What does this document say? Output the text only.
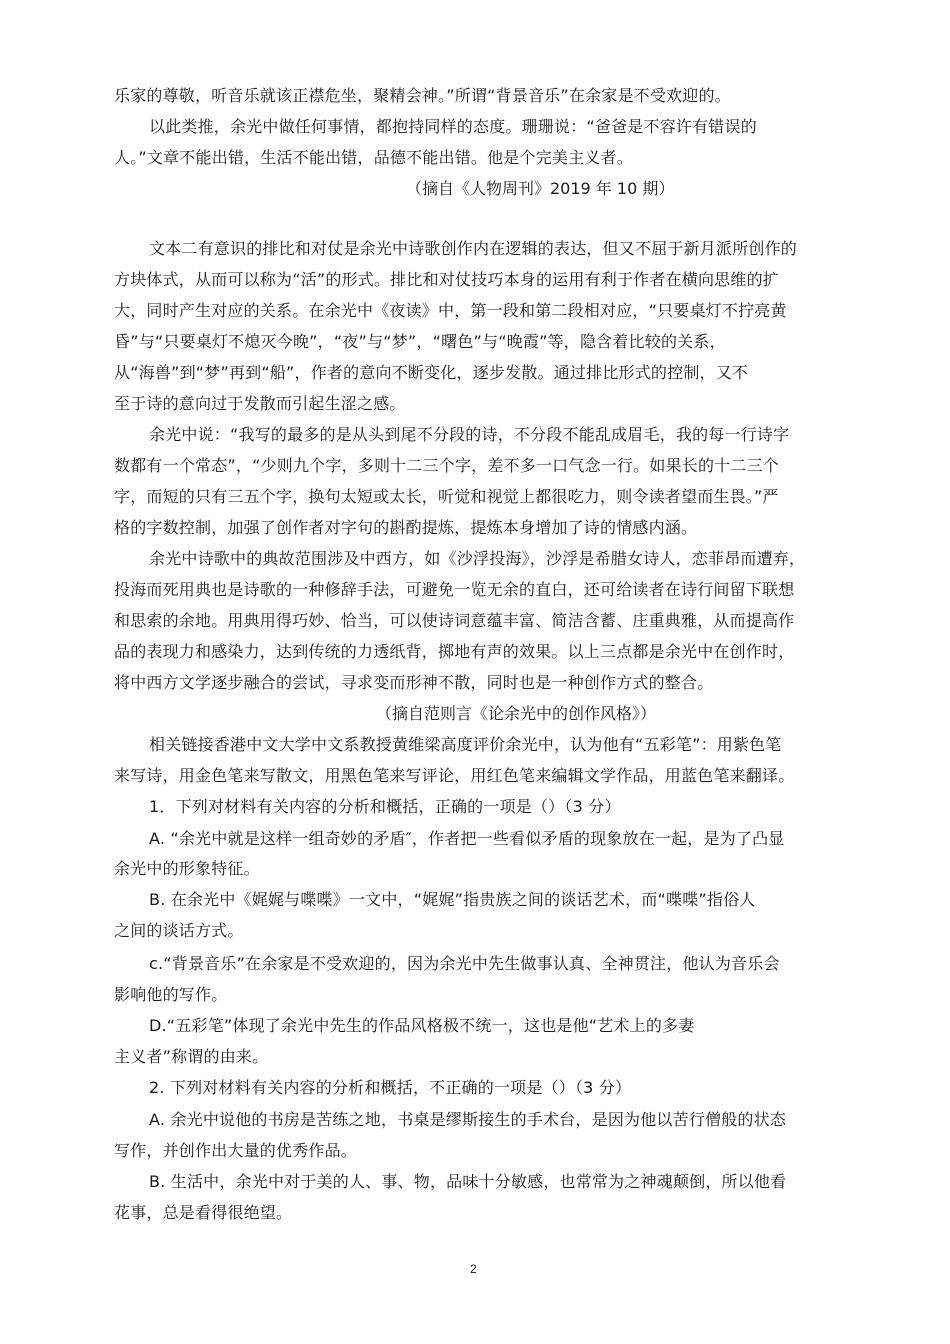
乐家的尊敬，听音乐就该正襟危坐，聚精会神。”所谓“背景音乐”在余家是不受欢迎的。
以此类推，余光中做任何事情，都抱持同样的态度。珊珊说：“爸爸是不容许有错误的
人。”文章不能出错，生活不能出错，品德不能出错。他是个完美主义者。
（摘自《人物周刊》2019 年 10 期）
文本二有意识的排比和对仗是余光中诗歌创作内在逻辑的表达，但又不屈于新月派所创作的
方块体式，从而可以称为“活”的形式。排比和对仗技巧本身的运用有利于作者在横向思维的扩
大，同时产生对应的关系。在余光中《夜读》中，第一段和第二段相对应，“只要桌灯不拧亮黄
昏”与“只要桌灯不熄灭今晚”，“夜”与“梦”，“曙色”与“晚霞”等，隐含着比较的关系，
从“海兽”到“梦”再到“船”，作者的意向不断变化，逐步发散。通过排比形式的控制，又不
至于诗的意向过于发散而引起生涩之感。
余光中说：“我写的最多的是从头到尾不分段的诗，不分段不能乱成眉毛，我的每一行诗字
数都有一个常态”，“少则九个字，多则十二三个字，差不多一口气念一行。如果长的十二三个
字，而短的只有三五个字，换句太短或太长，听觉和视觉上都很吃力，则令读者望而生畏。”严
格的字数控制，加强了创作者对字句的斟酌提炼，提炼本身增加了诗的情感内涵。
余光中诗歌中的典故范围涉及中西方，如《沙浮投海》，沙浮是希腊女诗人，恋菲昂而遭弃，
投海而死用典也是诗歌的一种修辞手法，可避免一览无余的直白，还可给读者在诗行间留下联想
和思索的余地。用典用得巧妙、恰当，可以使诗词意蕴丰富、简洁含蓄、庄重典雅，从而提高作
品的表现力和感染力，达到传统的力透纸背，掷地有声的效果。以上三点都是余光中在创作时，
将中西方文学逐步融合的尝试，寻求变而形神不散，同时也是一种创作方式的整合。
（摘自范则言《论余光中的创作风格》）
相关链接香港中文大学中文系教授黄维梁高度评价余光中，认为他有“五彩笔”：用紫色笔
来写诗，用金色笔来写散文，用黑色笔来写评论，用红色笔来编辑文学作品，用蓝色笔来翻译。
1．下列对材料有关内容的分析和概括，正确的一项是（）（3 分）
A. “余光中就是这样一组奇妙的矛盾″，作者把一些看似矛盾的现象放在一起，是为了凸显
余光中的形象特征。
B. 在余光中《娓娓与喋喋》一文中，“娓娓”指贵族之间的谈话艺术，而“喋喋”指俗人
之间的谈话方式。
c.“背景音乐”在余家是不受欢迎的，因为余光中先生做事认真、全神贯注，他认为音乐会
影响他的写作。
D.“五彩笔”体现了余光中先生的作品风格极不统一，这也是他“艺术上的多妻
主义者”称谓的由来。
2. 下列对材料有关内容的分析和概括，不正确的一项是（）（3 分）
A. 余光中说他的书房是苦练之地，书桌是缪斯接生的手术台，是因为他以苦行僧般的状态
写作，并创作出大量的优秀作品。
B. 生活中，余光中对于美的人、事、物，品味十分敏感，也常常为之神魂颠倒，所以他看
花事，总是看得很绝望。
2
